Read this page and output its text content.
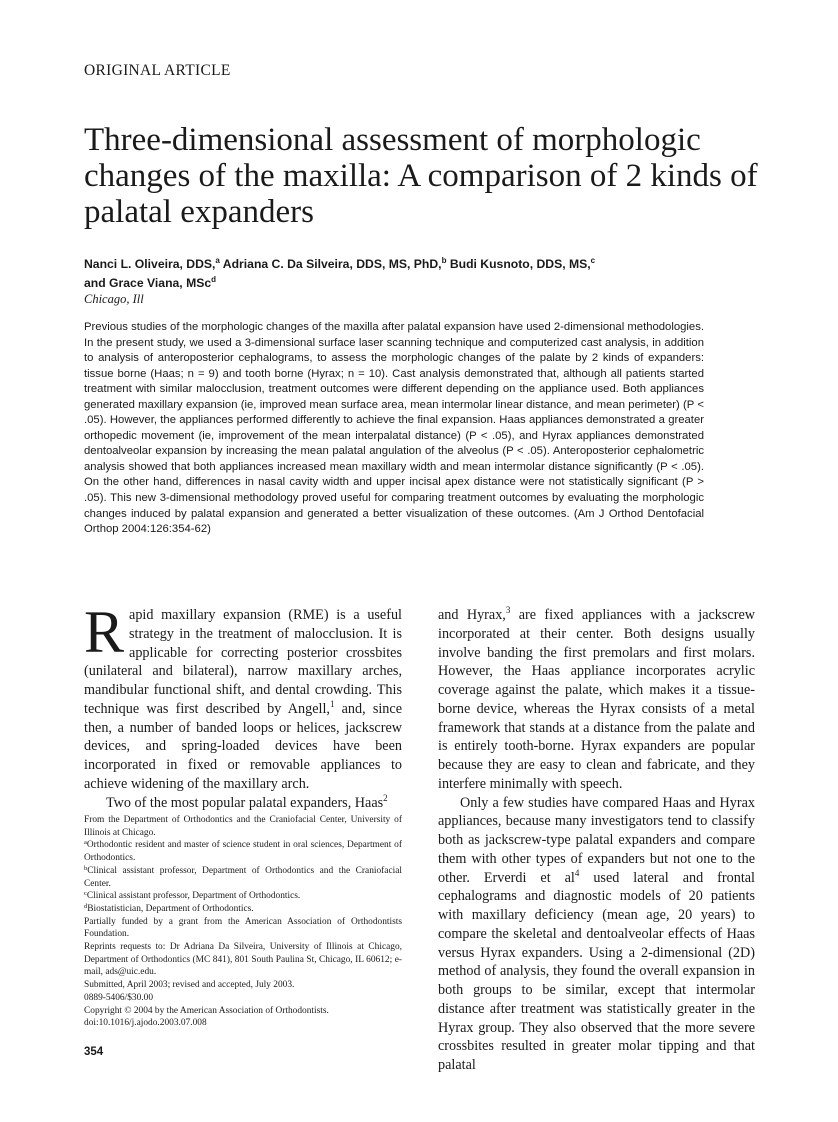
ORIGINAL ARTICLE
Three-dimensional assessment of morphologic changes of the maxilla: A comparison of 2 kinds of palatal expanders
Nanci L. Oliveira, DDS,$^a$ Adriana C. Da Silveira, DDS, MS, PhD,$^b$ Budi Kusnoto, DDS, MS,$^c$
and Grace Viana, MSc$^d$
Chicago, Ill

Previous studies of the morphologic changes of the maxilla after palatal expansion have used 2-dimensional methodologies. In the present study, we used a 3-dimensional surface laser scanning technique and computerized cast analysis, in addition to analysis of anteroposterior cephalograms, to assess the morphologic changes of the palate by 2 kinds of expanders: tissue borne (Haas; n = 9) and tooth borne (Hyrax; n = 10). Cast analysis demonstrated that, although all patients started treatment with similar malocclusion, treatment outcomes were different depending on the appliance used. Both appliances generated maxillary expansion (ie, improved mean surface area, mean intermolar linear distance, and mean perimeter) (P < .05). However, the appliances performed differently to achieve the final expansion. Haas appliances demonstrated a greater orthopedic movement (ie, improvement of the mean interpalatal distance) (P < .05), and Hyrax appliances demonstrated dentoalveolar expansion by increasing the mean palatal angulation of the alveolus (P < .05). Anteroposterior cephalometric analysis showed that both appliances increased mean maxillary width and mean intermolar distance significantly (P < .05). On the other hand, differences in nasal cavity width and upper incisal apex distance were not statistically significant (P > .05). This new 3-dimensional methodology proved useful for comparing treatment outcomes by evaluating the morphologic changes induced by palatal expansion and generated a better visualization of these outcomes. (Am J Orthod Dentofacial Orthop 2004:126:354-62)

Rapid maxillary expansion (RME) is a useful strategy in the treatment of malocclusion. It is applicable for correcting posterior crossbites (unilateral and bilateral), narrow maxillary arches, mandibular functional shift, and dental crowding. This technique was first described by Angell,$^1$ and, since then, a number of banded loops or helices, jackscrew devices, and spring-loaded devices have been incorporated in fixed or removable appliances to achieve widening of the maxillary arch.

Two of the most popular palatal expanders, Haas$^2$

From the Department of Orthodontics and the Craniofacial Center, University of Illinois at Chicago.

$^a$Orthodontic resident and master of science student in oral sciences, Department of Orthodontics.

$^b$Clinical assistant professor, Department of Orthodontics and the Craniofacial Center.

$^c$Clinical assistant professor, Department of Orthodontics.

$^d$Biostatistician, Department of Orthodontics.

Partially funded by a grant from the American Association of Orthodontists Foundation.

Reprints requests to: Dr Adriana Da Silveira, University of Illinois at Chicago, Department of Orthodontics (MC 841), 801 South Paulina St, Chicago, IL 60612; e-mail, ads@uic.edu.

Submitted, April 2003; revised and accepted, July 2003.

0889-5406/$30.00

Copyright © 2004 by the American Association of Orthodontists.

doi:10.1016/j.ajodo.2003.07.008

and Hyrax,$^3$ are fixed appliances with a jackscrew incorporated at their center. Both designs usually involve banding the first premolars and first molars. However, the Haas appliance incorporates acrylic coverage against the palate, which makes it a tissue-borne device, whereas the Hyrax consists of a metal framework that stands at a distance from the palate and is entirely tooth-borne. Hyrax expanders are popular because they are easy to clean and fabricate, and they interfere minimally with speech.

Only a few studies have compared Haas and Hyrax appliances, because many investigators tend to classify both as jackscrew-type palatal expanders and compare them with other types of expanders but not one to the other. Erverdi et al$^4$ used lateral and frontal cephalograms and diagnostic models of 20 patients with maxillary deficiency (mean age, 20 years) to compare the skeletal and dentoalveolar effects of Haas versus Hyrax expanders. Using a 2-dimensional (2D) method of analysis, they found the overall expansion in both groups to be similar, except that intermolar distance after treatment was statistically greater in the Hyrax group. They also observed that the more severe crossbites resulted in greater molar tipping and that palatal

354
